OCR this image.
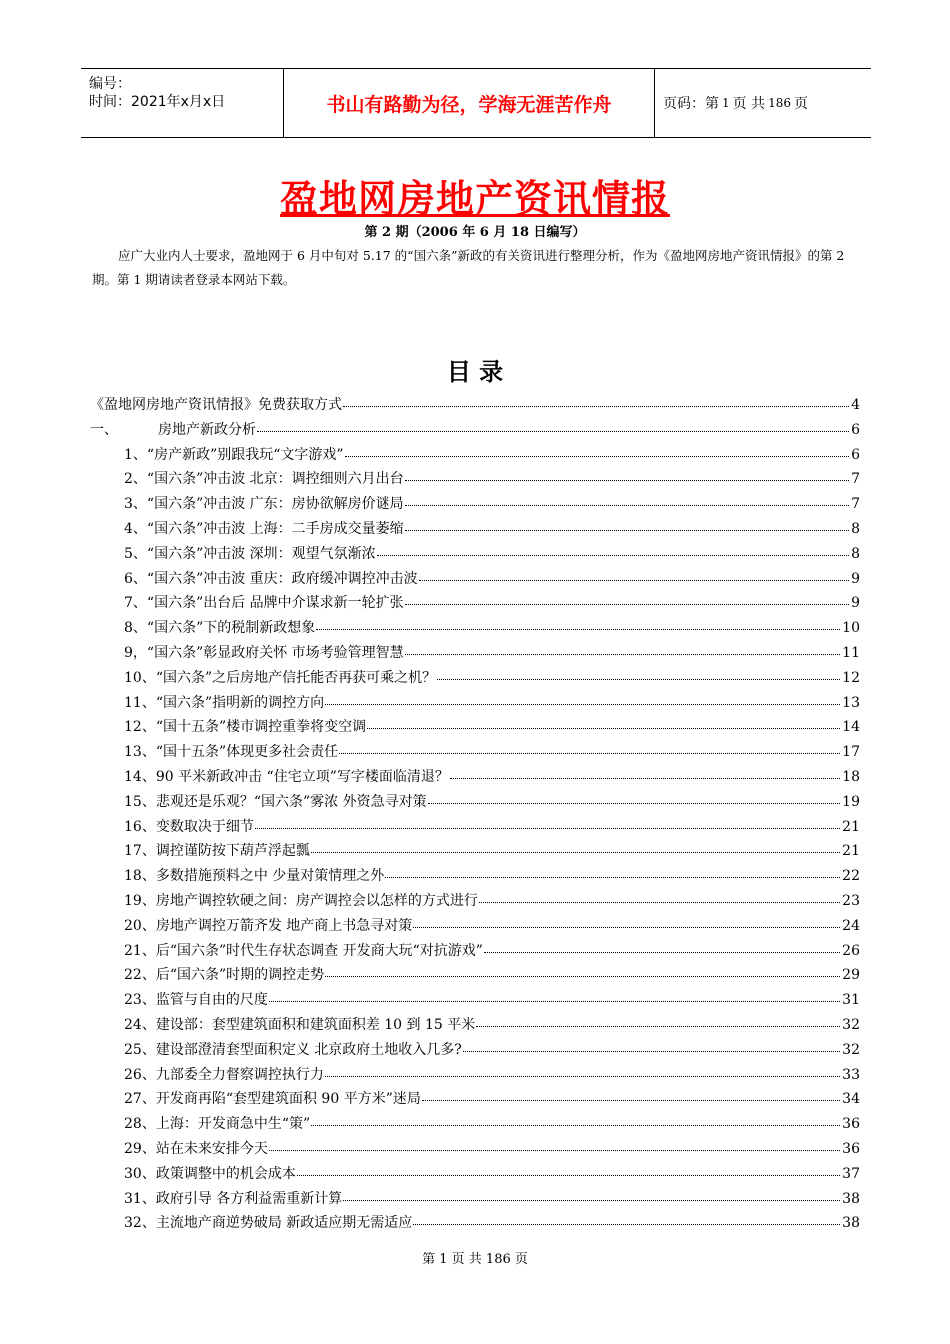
编号：
时间：2021年x月x日	书山有路勤为径，学海无涯苦作舟	页码：第 1 页 共 186 页
盈地网房地产资讯情报
第 2 期（2006 年 6 月 18 日编写）
应广大业内人士要求，盈地网于 6 月中旬对 5.17 的“国六条”新政的有关资讯进行整理分析，作为《盈地网房地产资讯情报》的第 2 期。第 1 期请读者登录本网站下载。
目 录
《盈地网房地产资讯情报》免费获取方式	4
一、	房地产新政分析	6
1、 “房产新政”别跟我玩“文字游戏”	6
2、 “国六条”冲击波 北京：调控细则六月出台	7
3、 “国六条”冲击波 广东：房协欲解房价谜局	7
4、 “国六条”冲击波 上海：二手房成交量萎缩	8
5、 “国六条”冲击波 深圳：观望气氛渐浓	8
6、 “国六条”冲击波 重庆：政府缓冲调控冲击波	9
7、 “国六条”出台后 品牌中介谋求新一轮扩张	9
8、 “国六条”下的税制新政想象	10
9， “国六条”彰显政府关怀 市场考验管理智慧	11
10、 “国六条”之后房地产信托能否再获可乘之机？	12
11、 “国六条”指明新的调控方向	13
12、 “国十五条”楼市调控重拳将变空调	14
13、 “国十五条”体现更多社会责任	17
14、 90 平米新政冲击 “住宅立项”写字楼面临清退？	18
15、 悲观还是乐观？“国六条”雾浓 外资急寻对策	19
16、 变数取决于细节	21
17、 调控谨防按下葫芦浮起瓢	21
18、 多数措施预料之中 少量对策情理之外	22
19、 房地产调控软硬之间：房产调控会以怎样的方式进行	23
20、 房地产调控万箭齐发 地产商上书急寻对策	24
21、 后“国六条”时代生存状态调查 开发商大玩“对抗游戏”	26
22、 后“国六条”时期的调控走势	29
23、 监管与自由的尺度	31
24、 建设部：套型建筑面积和建筑面积差 10 到 15 平米	32
25、 建设部澄清套型面积定义 北京政府土地收入几多?	32
26、 九部委全力督察调控执行力	33
27、 开发商再陷“套型建筑面积 90 平方米”迷局	34
28、 上海：开发商急中生“策”	36
29、 站在未来安排今天	36
30、 政策调整中的机会成本	37
31、 政府引导 各方利益需重新计算	38
32、 主流地产商逆势破局 新政适应期无需适应	38
第 1 页 共 186 页
